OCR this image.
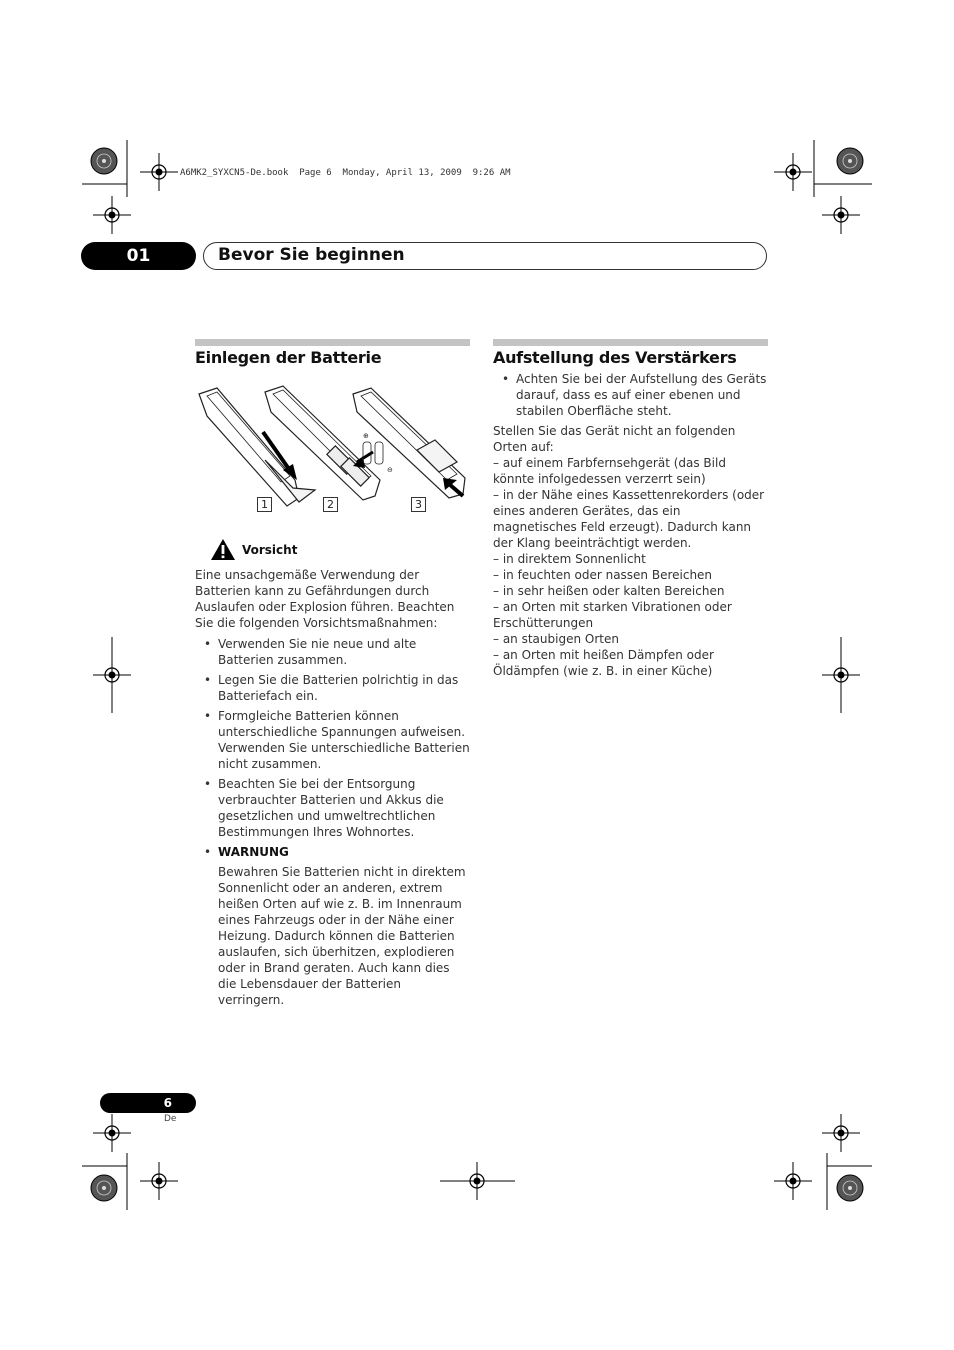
A6MK2_SYXCN5-De.book  Page 6  Monday, April 13, 2009  9:26 AM
01	Bevor Sie beginnen
Einlegen der Batterie
⊕
⊖
1	2	3
Vorsicht
Eine unsachgemäße Verwendung der Batterien kann zu Gefährdungen durch Auslaufen oder Explosion führen. Beachten Sie die folgenden Vorsichtsmaßnahmen:
• Verwenden Sie nie neue und alte Batterien zusammen.
• Legen Sie die Batterien polrichtig in das Batteriefach ein.
• Formgleiche Batterien können unterschiedliche Spannungen aufweisen. Verwenden Sie unterschiedliche Batterien nicht zusammen.
• Beachten Sie bei der Entsorgung verbrauchter Batterien und Akkus die gesetzlichen und umweltrechtlichen Bestimmungen Ihres Wohnortes.
• WARNUNG
Bewahren Sie Batterien nicht in direktem Sonnenlicht oder an anderen, extrem heißen Orten auf wie z. B. im Innenraum eines Fahrzeugs oder in der Nähe einer Heizung. Dadurch können die Batterien auslaufen, sich überhitzen, explodieren oder in Brand geraten. Auch kann dies die Lebensdauer der Batterien verringern.
Aufstellung des Verstärkers
• Achten Sie bei der Aufstellung des Geräts darauf, dass es auf einer ebenen und stabilen Oberfläche steht.
Stellen Sie das Gerät nicht an folgenden Orten auf:
– auf einem Farbfernsehgerät (das Bild könnte infolgedessen verzerrt sein)
– in der Nähe eines Kassettenrekorders (oder eines anderen Gerätes, das ein magnetisches Feld erzeugt). Dadurch kann der Klang beeinträchtigt werden.
– in direktem Sonnenlicht
– in feuchten oder nassen Bereichen
– in sehr heißen oder kalten Bereichen
– an Orten mit starken Vibrationen oder Erschütterungen
– an staubigen Orten
– an Orten mit heißen Dämpfen oder Öldämpfen (wie z. B. in einer Küche)
6
De
